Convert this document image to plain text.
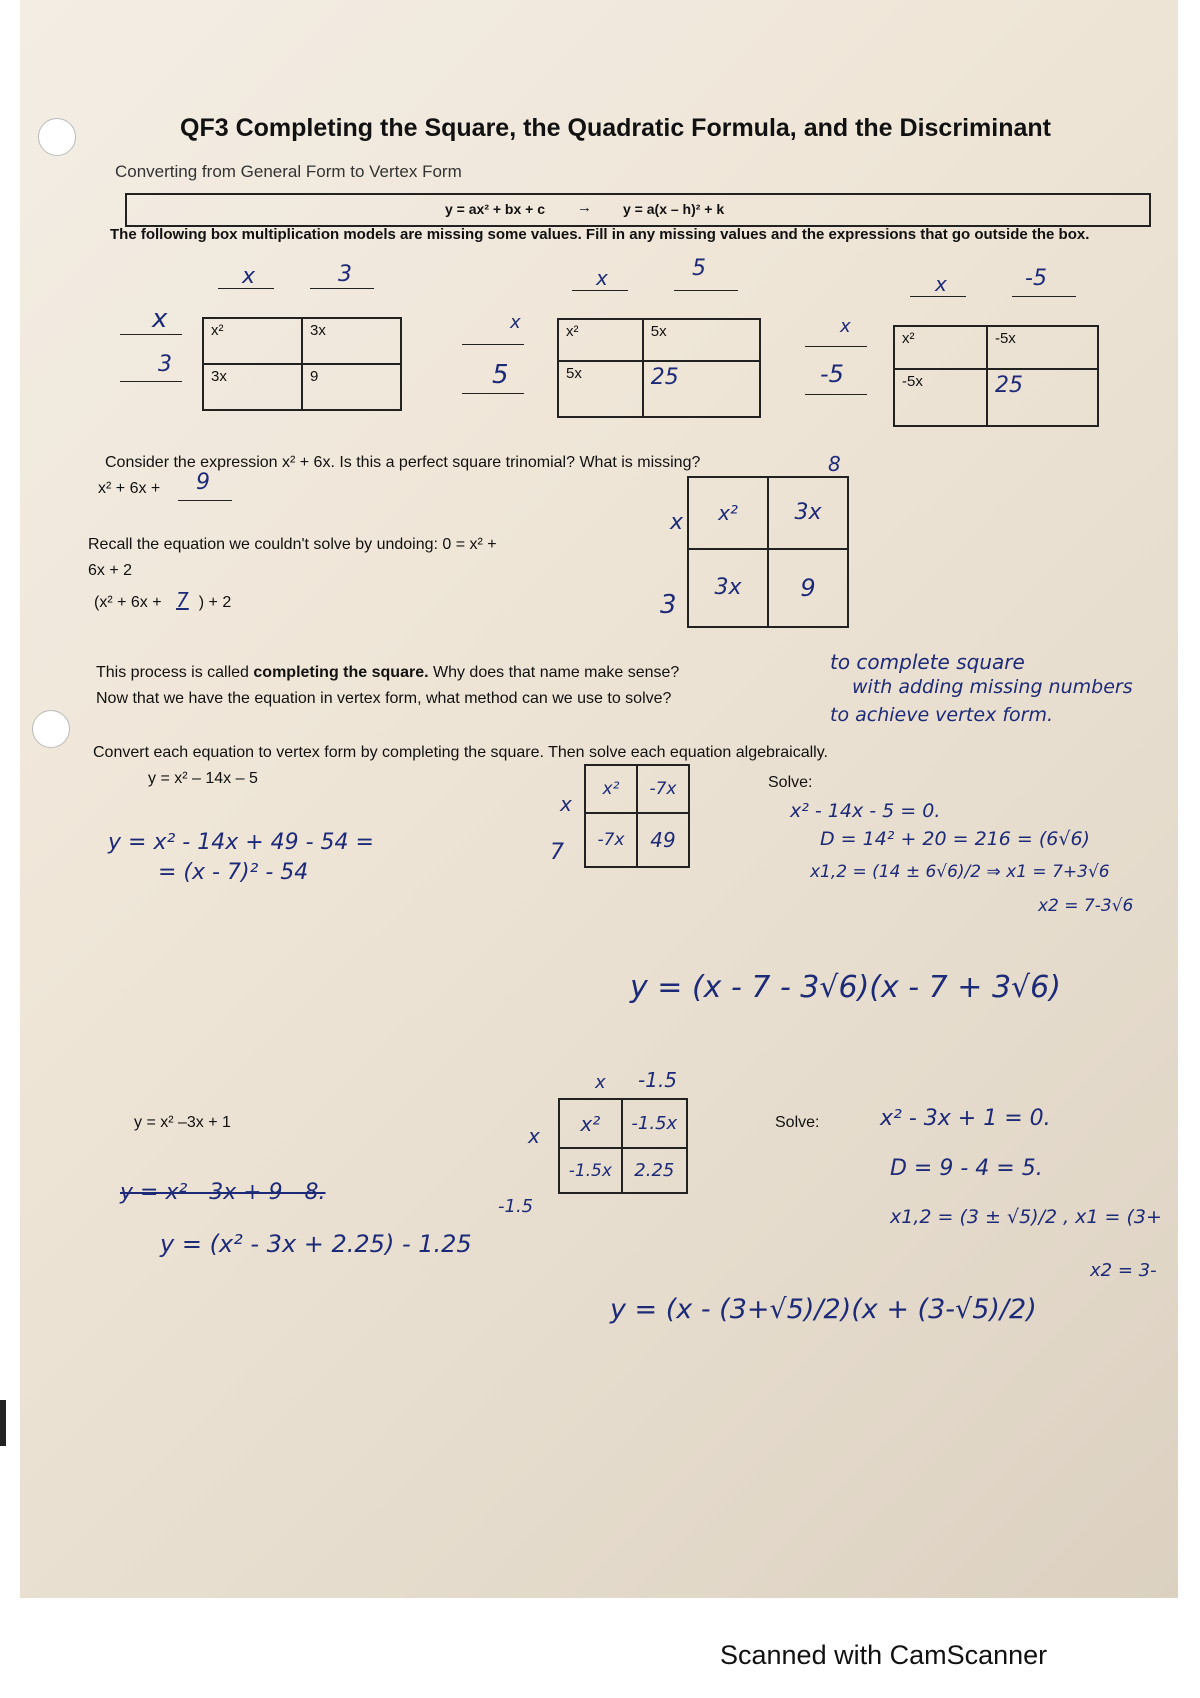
QF3 Completing the Square, the Quadratic Formula, and the Discriminant
Converting from General Form to Vertex Form
y = ax² + bx + c → y = a(x – h)² + k
The following box multiplication models are missing some values. Fill in any missing values and the expressions that go outside the box.
x	3
x
3
x²	3x
3x	9
x	5
x
5
x²	5x
5x	25
x	-5
x
-5
x²	-5x
-5x	25
Consider the expression x² + 6x. Is this a perfect square trinomial? What is missing?	8
x² + 6x + 9
x
3
x²	3x
3x	9
Recall the equation we couldn't solve by undoing: 0 = x² +
6x + 2
(x² + 6x + 7 ) + 2
This process is called completing the square. Why does that name make sense?
Now that we have the equation in vertex form, what method can we use to solve?
to complete square
with adding missing numbers
to achieve vertex form.
Convert each equation to vertex form by completing the square. Then solve each equation algebraically.
y = x² – 14x – 5	Solve:
x
7
x²	-7x
-7x	49
y = x² - 14x + 49 - 54 =
= (x - 7)² - 54
x² - 14x - 5 = 0.
D = 14² + 20 = 216 = (6√6)
x1,2 = (14 ± 6√6)/2 ⇒ x1 = 7+3√6
x2 = 7-3√6
y = (x - 7 - 3√6)(x - 7 + 3√6)
y = x² –3x + 1	Solve:
x -1.5
x
-1.5
x²	-1.5x
-1.5x	2.25
y = x² - 3x + 9 - 8.
y = (x² - 3x + 2.25) - 1.25
x² - 3x + 1 = 0.
D = 9 - 4 = 5.
x1,2 = (3 ± √5)/2 , x1 = (3+
x2 = 3-
y = (x - (3+√5)/2)(x + (3-√5)/2)
Scanned with CamScanner
